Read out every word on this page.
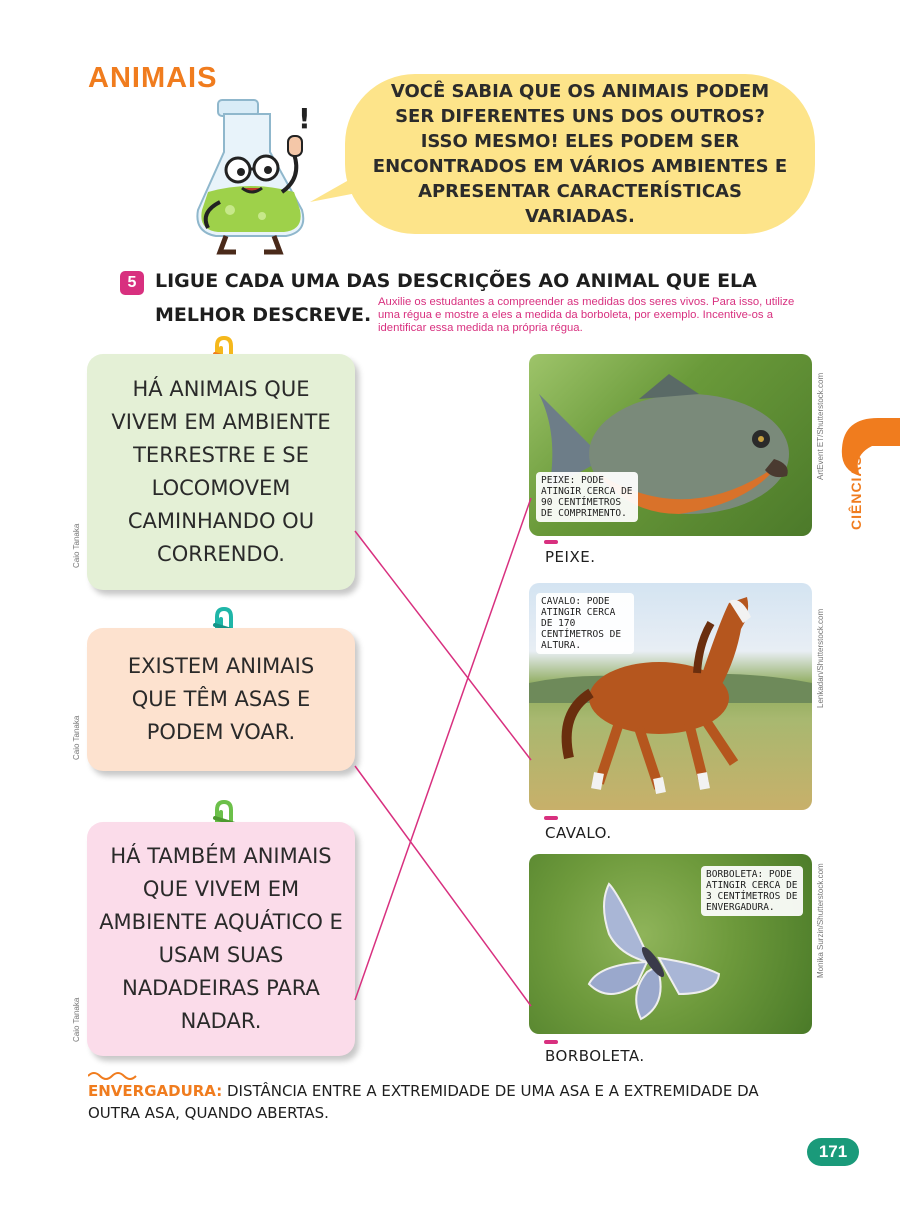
ANIMAIS
!
VOCÊ SABIA QUE OS ANIMAIS PODEM SER DIFERENTES UNS DOS OUTROS? ISSO MESMO! ELES PODEM SER ENCONTRADOS EM VÁRIOS AMBIENTES E APRESENTAR CARACTERÍSTICAS VARIADAS.
5 LIGUE CADA UMA DAS DESCRIÇÕES AO ANIMAL QUE ELA
MELHOR DESCREVE.
Auxilie os estudantes a compreender as medidas dos seres vivos. Para isso, utilize uma régua e mostre a eles a medida da borboleta, por exemplo. Incentive-os a identificar essa medida na própria régua.
HÁ ANIMAIS QUE VIVEM EM AMBIENTE TERRESTRE E SE LOCOMOVEM CAMINHANDO OU CORRENDO.
EXISTEM ANIMAIS QUE TÊM ASAS E PODEM VOAR.
HÁ TAMBÉM ANIMAIS QUE VIVEM EM AMBIENTE AQUÁTICO E USAM SUAS NADADEIRAS PARA NADAR.
Caio Tanaka
Caio Tanaka
Caio Tanaka
PEIXE: PODE ATINGIR CERCA DE 90 CENTÍMETROS DE COMPRIMENTO.
ArtEvent ET/Shutterstock.com
CAVALO: PODE ATINGIR CERCA DE 170 CENTÍMETROS DE ALTURA.	Lenkadan/Shutterstock.com
BORBOLETA: PODE ATINGIR CERCA DE 3 CENTÍMETROS DE ENVERGADURA.	Monika Surzin/Shutterstock.com
PEIXE.
CAVALO.
BORBOLETA.
CIÊNCIAS
ENVERGADURA: DISTÂNCIA ENTRE A EXTREMIDADE DE UMA ASA E A EXTREMIDADE DA OUTRA ASA, QUANDO ABERTAS.
171
